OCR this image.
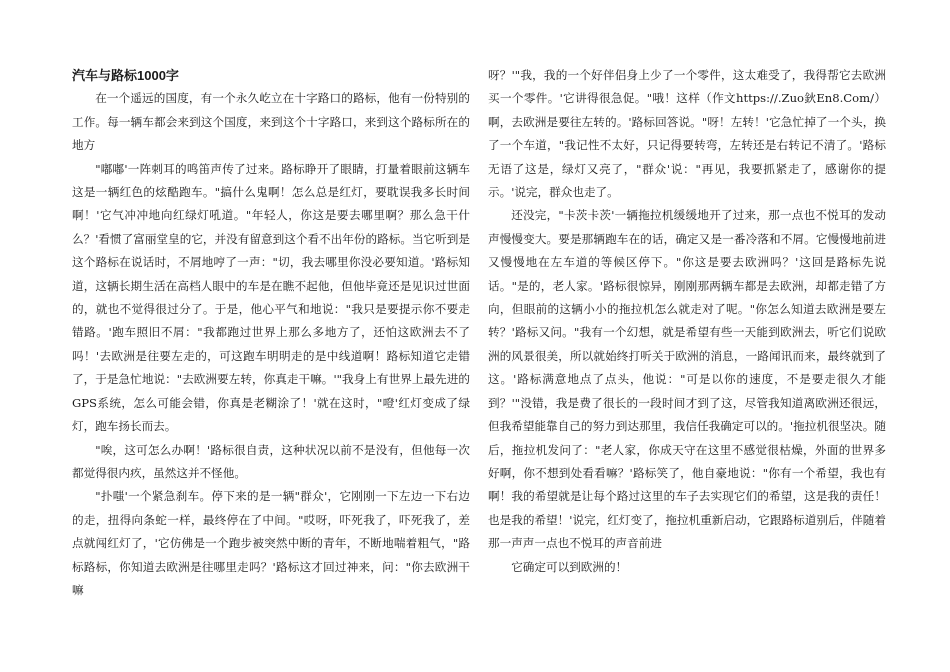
汽车与路标1000字

在一个遥远的国度，有一个永久屹立在十字路口的路标，他有一份特别的工作。每一辆车都会来到这个国度，来到这个十字路口，来到这个路标所在的地方

"嘟嘟'一阵刺耳的鸣笛声传了过来。路标睁开了眼睛，打量着眼前这辆车这是一辆红色的炫酷跑车。"搞什么鬼啊！怎么总是红灯，要耽误我多长时间啊！'它气冲冲地向红绿灯吼道。"年轻人，你这是要去哪里啊？那么急干什么？'看惯了富丽堂皇的它，并没有留意到这个看不出年份的路标。当它听到是这个路标在说话时，不屑地哼了一声："切，我去哪里你没必要知道。'路标知道，这辆长期生活在高档人眼中的车是在瞧不起他，但他毕竟还是见识过世面的，就也不觉得很过分了。于是，他心平气和地说："我只是要提示你不要走错路。'跑车照旧不屑："我都跑过世界上那么多地方了，还怕这欧洲去不了吗！'去欧洲是往要左走的，可这跑车明明走的是中线道啊！路标知道它走错了，于是急忙地说："去欧洲要左转，你真走干嘛。'"我身上有世界上最先进的GPS系统，怎么可能会错，你真是老糊涂了！'就在这时，"噔'红灯变成了绿灯，跑车扬长而去。

"唉，这可怎么办啊！'路标很自责，这种状况以前不是没有，但他每一次都觉得很内疚，虽然这并不怪他。

"扑嗤'一个紧急刹车。停下来的是一辆"群众'，它刚刚一下左边一下右边的走，扭得向条蛇一样，最终停在了中间。"哎呀，吓死我了，吓死我了，差点就闯红灯了，'它仿佛是一个跑步被突然中断的青年，不断地喘着粗气，"路标路标，你知道去欧洲是往哪里走吗？'路标这才回过神来，问："你去欧洲干嘛

呀？'"我，我的一个好伴侣身上少了一个零件，这太难受了，我得帮它去欧洲买一个零件。'它讲得很急促。"哦！这样（作文https://.Zuo鈥En8.Com/）啊，去欧洲是要往左转的。'路标回答说。"呀！左转！'它急忙掉了一个头，换了一个车道，"我记性不太好，只记得要转弯，左转还是右转记不清了。'路标无语了这是，绿灯又亮了，"群众'说："再见，我要抓紧走了，感谢你的提示。'说完，群众也走了。

还没完，"卡茨卡茨'一辆拖拉机缓缓地开了过来，那一点也不悦耳的发动声慢慢变大。要是那辆跑车在的话，确定又是一番冷落和不屑。它慢慢地前进又慢慢地在左车道的等候区停下。"你这是要去欧洲吗？'这回是路标先说话。"是的，老人家。'路标很惊异，刚刚那两辆车都是去欧洲，却都走错了方向，但眼前的这辆小小的拖拉机怎么就走对了呢。"你怎么知道去欧洲是要左转？'路标又问。"我有一个幻想，就是希望有些一天能到欧洲去，听它们说欧洲的风景很美，所以就始终打听关于欧洲的消息，一路闻讯而来，最终就到了这。'路标满意地点了点头，他说："可是以你的速度，不是要走很久才能到？'"没错，我是费了很长的一段时间才到了这，尽管我知道离欧洲还很远，但我希望能靠自己的努力到达那里，我信任我确定可以的。'拖拉机很坚决。随后，拖拉机发问了："老人家，你成天守在这里不感觉很枯燥，外面的世界多好啊，你不想到处看看嘛？'路标笑了，他自豪地说："你有一个希望，我也有啊！我的希望就是让每个路过这里的车子去实现它们的希望，这是我的责任！也是我的希望！'说完，红灯变了，拖拉机重新启动，它跟路标道别后，伴随着那一声声一点也不悦耳的声音前进

它确定可以到欧洲的！
